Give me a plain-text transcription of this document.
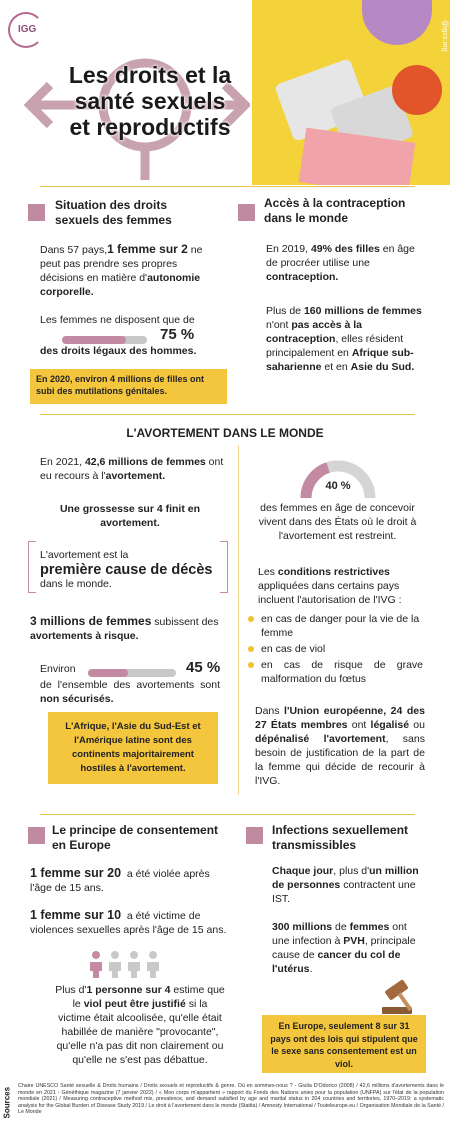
IGG
Les droits et la
santé sexuels
et reproductifs
@igcs.org
Situation des droits sexuels des femmes
Dans 57 pays,1 femme sur 2 ne peut pas prendre ses propres décisions en matière d'autonomie corporelle.
Les femmes ne disposent que de
75 %
des droits légaux des hommes.
En 2020, environ 4 millions de filles ont subi des mutilations génitales.
Accès à la contraception dans le monde
En 2019, 49% des filles en âge de procréer utilise une contraception.
Plus de 160 millions de femmes n'ont pas accès à la contraception, elles résident principalement en Afrique sub-saharienne et en Asie du Sud.
L'AVORTEMENT DANS LE MONDE
En 2021, 42,6 millions de femmes ont eu recours à l'avortement.
Une grossesse sur 4 finit en avortement.
L'avortement est la
première cause de décès
dans le monde.
3 millions de femmes subissent des avortements à risque.
Environ	45 %
de l'ensemble des avortements sont non sécurisés.
L'Afrique, l'Asie du Sud-Est et l'Amérique latine sont des continents majoritairement hostiles à l'avortement.
40 %
des femmes en âge de concevoir vivent dans des États où le droit à l'avortement est restreint.
Les conditions restrictives appliquées dans certains pays incluent l'autorisation de l'IVG :
en cas de danger pour la vie de la femme
en cas de viol
en cas de risque de grave malformation du fœtus
Dans l'Union européenne, 24 des 27 États membres ont légalisé ou dépénalisé l'avortement, sans besoin de justification de la part de la femme qui décide de recourir à l'IVG.
Le principe de consentement en Europe
1 femme sur 20 a été violée après l'âge de 15 ans.
1 femme sur 10 a été victime de violences sexuelles après l'âge de 15 ans.
Plus d'1 personne sur 4 estime que le viol peut être justifié si la victime était alcoolisée, qu'elle était habillée de manière "provocante", qu'elle n'a pas dit non clairement ou qu'elle ne s'est pas débattue.
Infections sexuellement transmissibles
Chaque jour, plus d'un million de personnes contractent une IST.
300 millions de femmes ont une infection à PVH, principale cause de cancer du col de l'utérus.
En Europe, seulement 8 sur 31 pays ont des lois qui stipulent que le sexe sans consentement est un viol.
Sources
Chaire UNESCO Santé sexuelle & Droits humains / Droits sexuels et reproductifs & genre. Où en sommes-nous ? - Giulia D'Odorico (2008) / 42,6 millions d'avortements dans le monde en 2021 - Généthique magazine (7 janvier 2022) / « Mon corps m'appartient » rapport du Fonds des Nations unies pour la population (UNFPA) sur l'état de la population mondiale (2021) / Measuring contraceptive method mix, prevalence, and demand satisfied by age and marital status in 204 countries and territories, 1970–2019: a systematic analysis for the Global Burden of Disease Study 2019 / Le droit à l'avortement dans le monde (Statita) / Amnesty International / Touteleurope.eu / Organisation Mondiale de la Santé / Le Monde
